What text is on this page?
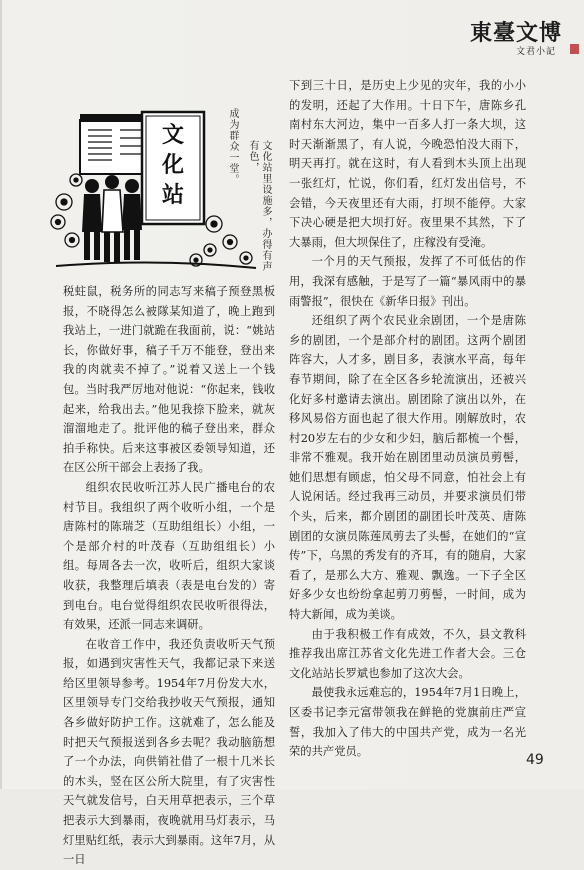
東臺文博
文君小記
文
化
站
成为群众一堂。	文化站里设施多，办得有声有色，

税蛀鼠，税务所的同志写来稿子预登黑板报，不晓得怎么被隊某知道了，晚上跑到我站上，一进门就跪在我面前，说：“姚站长，你做好事，稿子千万不能登，登出来我的肉就卖不掉了。”说着又送上一个钱包。当时我严厉地对他说：“你起来，钱收起来，给我出去。”他见我捺下脸来，就灰溜溜地走了。批评他的稿子登出来，群众拍手称快。后来这事被区委领导知道，还在区公所干部会上表扬了我。

组织农民收听江苏人民广播电台的农村节目。我组织了两个收听小组，一个是唐陈村的陈瑞芝（互助组组长）小组，一个是部介村的叶茂春（互助组组长）小组。每周各去一次，收听后，组织大家谈收获，我整理后填表（表是电台发的）寄到电台。电台觉得组织农民收听很得法，有效果，还派一同志来调研。

在收音工作中，我还负责收听天气预报，如遇到灾害性天气，我都记录下来送给区里领导参考。1954年7月份发大水，区里领导专门交给我抄收天气预报，通知各乡做好防护工作。这就难了，怎么能及时把天气预报送到各乡去呢？我动脑筋想了一个办法，向供销社借了一根十几米长的木头，竖在区公所大院里，有了灾害性天气就发信号，白天用草把表示，三个草把表示大到暴雨，夜晚就用马灯表示，马灯里贴红纸，表示大到暴雨。这年7月，从一日

下到三十日，是历史上少见的灾年，我的小小的发明，还起了大作用。十日下午，唐陈乡孔南村东大河边，集中一百多人打一条大坝，这时天渐渐黑了，有人说，今晚恐怕没大雨下，明天再打。就在这时，有人看到木头顶上出现一张红灯，忙说，你们看，红灯发出信号，不会错，今天夜里还有大雨，打坝不能停。大家下决心硬是把大坝打好。夜里果不其然，下了大暴雨，但大坝保住了，庄稼没有受淹。

一个月的天气预报，发挥了不可低估的作用，我深有感触，于是写了一篇“暴风雨中的暴雨警报”，很快在《新华日报》刊出。

还组织了两个农民业余剧团，一个是唐陈乡的剧团，一个是部介村的剧团。这两个剧团阵容大，人才多，剧目多，表演水平高，每年春节期间，除了在全区各乡轮流演出，还被兴化好多村邀请去演出。剧团除了演出以外，在移风易俗方面也起了很大作用。刚解放时，农村20岁左右的少女和少妇，脑后都梳一个髻，非常不雅观。我开始在剧团里动员演员剪髻，她们思想有顾虑，怕父母不同意，怕社会上有人说闲话。经过我再三动员，并要求演员们带个头，后来，都介剧团的副团长叶茂英、唐陈剧团的女演员陈莲凤剪去了头髻，在她们的“宣传”下，乌黑的秀发有的齐耳，有的随肩，大家看了，是那么大方、雅观、飘逸。一下子全区好多少女也纷纷拿起剪刀剪髻，一时间，成为特大新闻，成为美谈。

由于我积极工作有成效，不久，县文教科推荐我出席江苏省文化先进工作者大会。三仓文化站站长罗斌也参加了这次大会。

最使我永远难忘的，1954年7月1日晚上，区委书记李元富带领我在鲜艳的党旗前庄严宣誓，我加入了伟大的中国共产党，成为一名光荣的共产党员。

49
